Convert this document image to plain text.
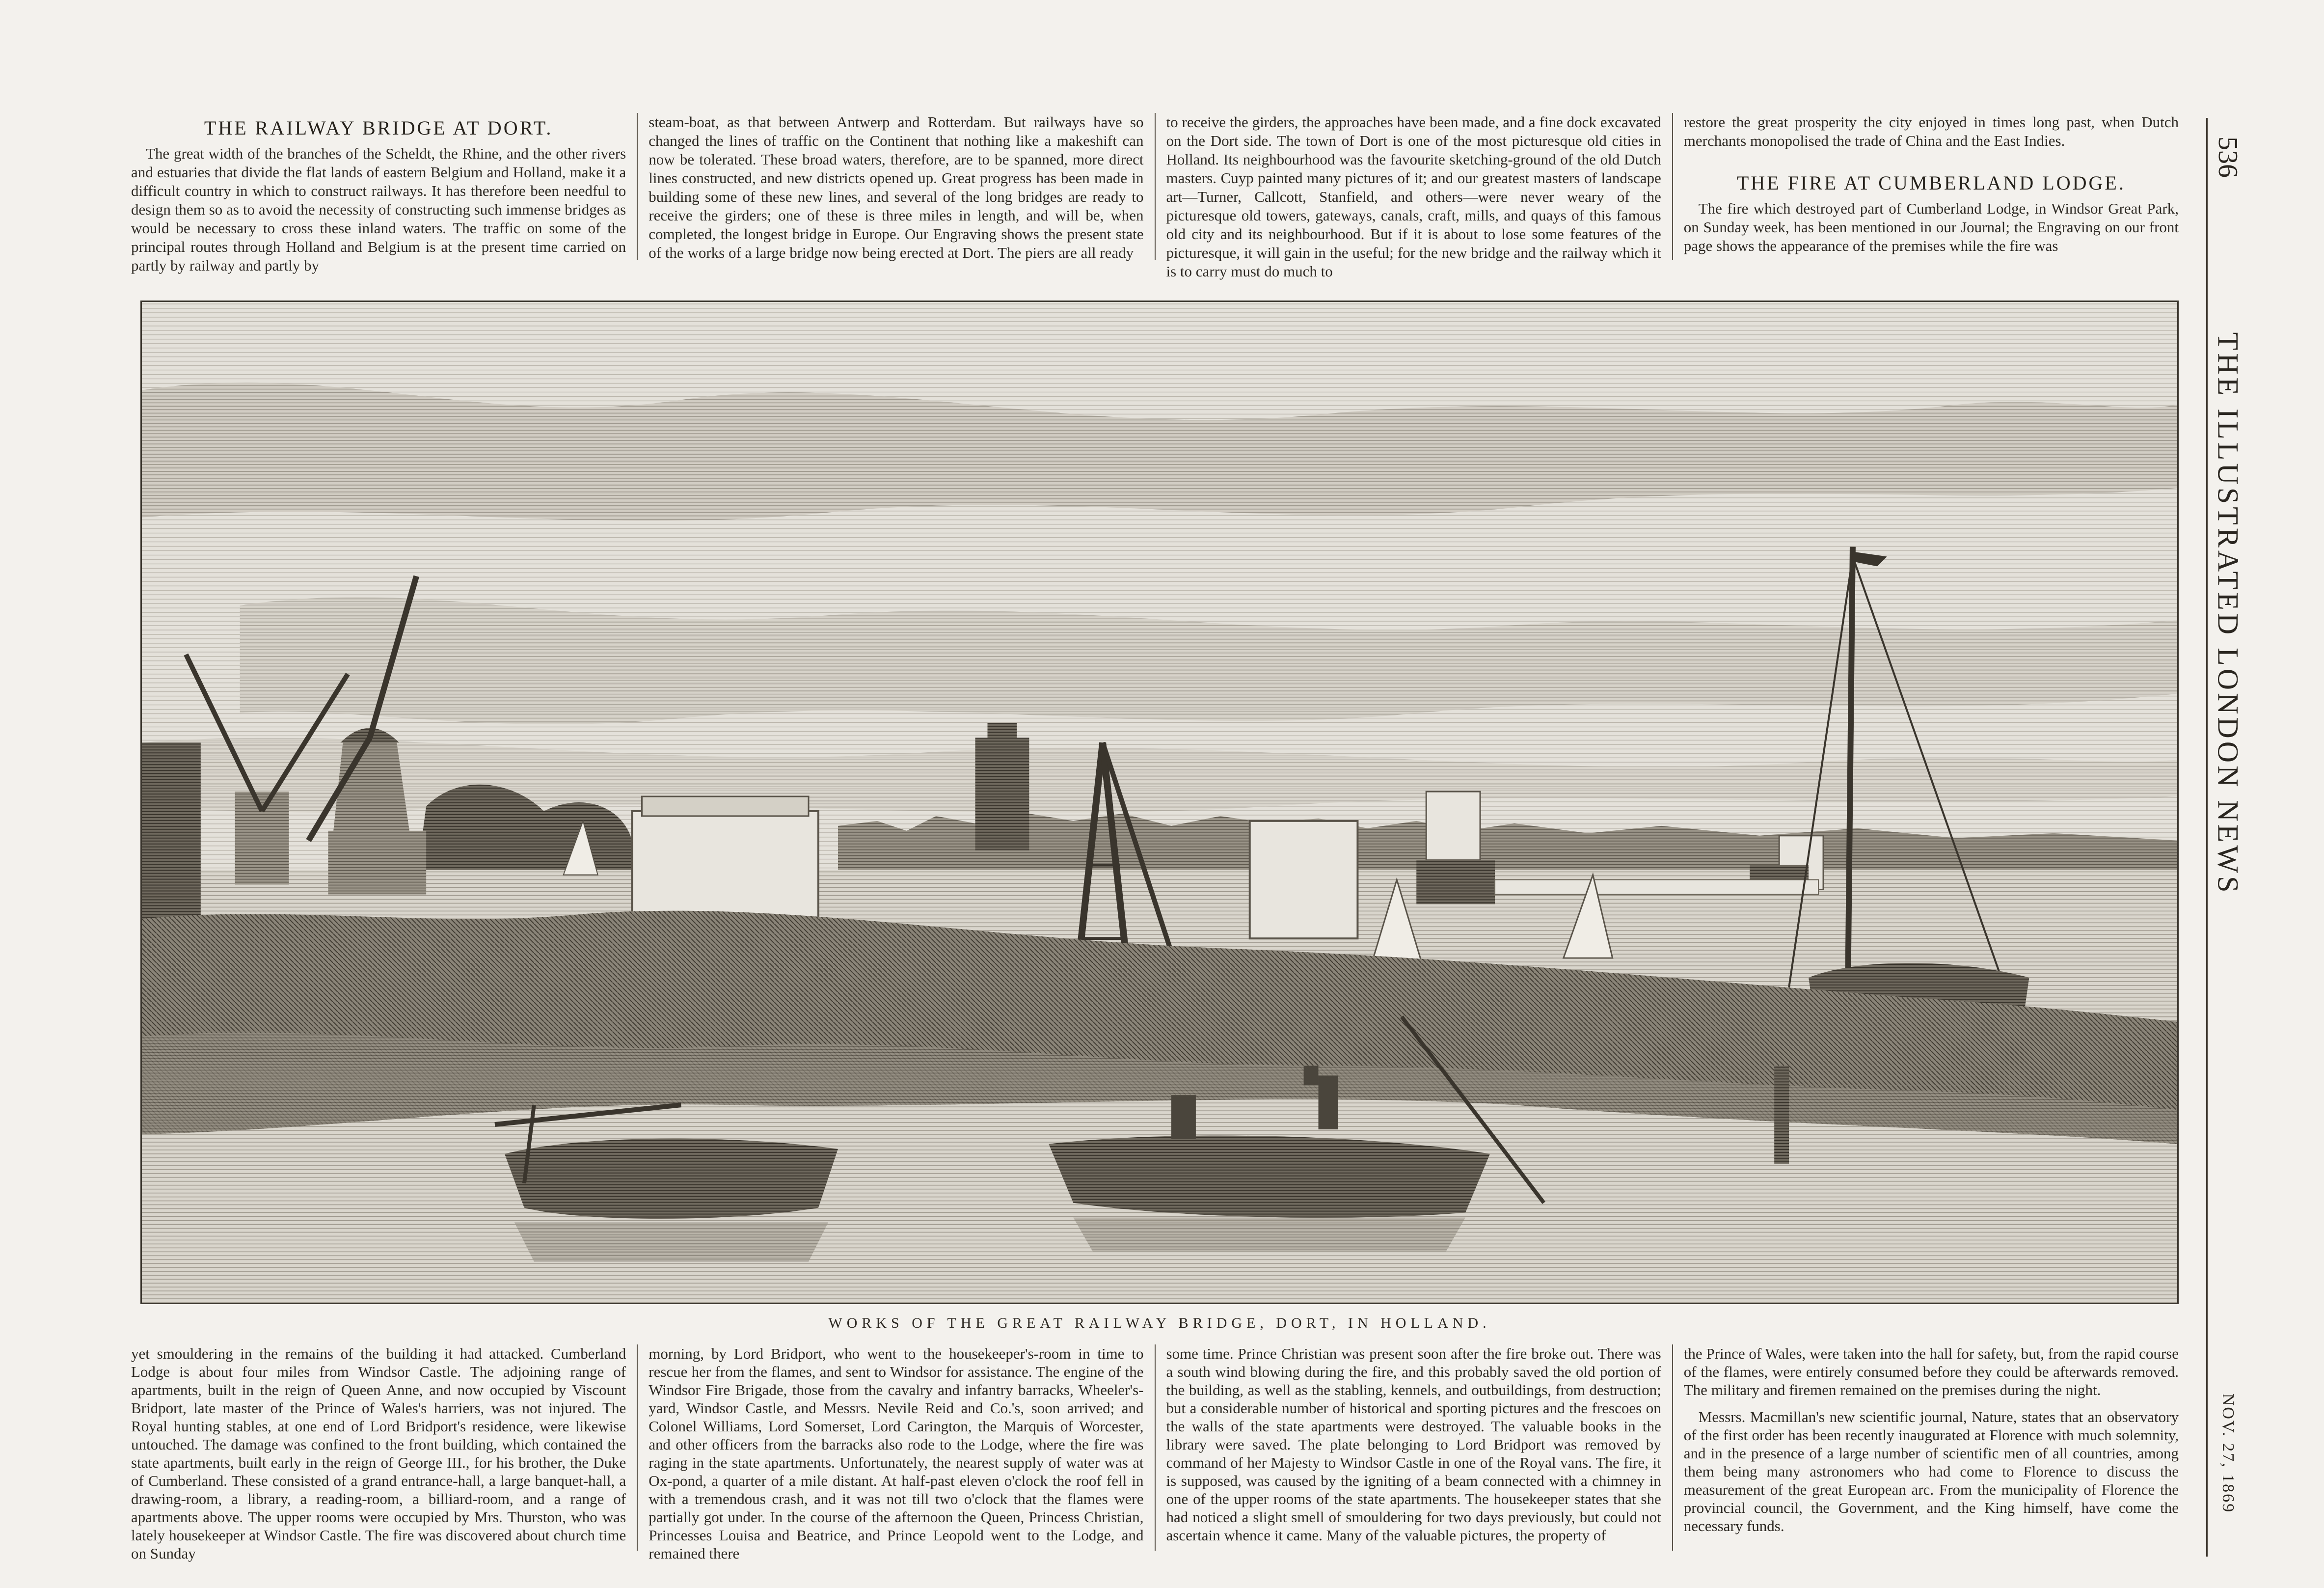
THE RAILWAY BRIDGE AT DORT.

The great width of the branches of the Scheldt, the Rhine, and the other rivers and estuaries that divide the flat lands of eastern Belgium and Holland, make it a difficult country in which to construct railways. It has therefore been needful to design them so as to avoid the necessity of constructing such immense bridges as would be necessary to cross these inland waters. The traffic on some of the principal routes through Holland and Belgium is at the present time carried on partly by railway and partly by

steam-boat, as that between Antwerp and Rotterdam. But railways have so changed the lines of traffic on the Continent that nothing like a makeshift can now be tolerated. These broad waters, therefore, are to be spanned, more direct lines constructed, and new districts opened up. Great progress has been made in building some of these new lines, and several of the long bridges are ready to receive the girders; one of these is three miles in length, and will be, when completed, the longest bridge in Europe. Our Engraving shows the present state of the works of a large bridge now being erected at Dort. The piers are all ready

to receive the girders, the approaches have been made, and a fine dock excavated on the Dort side. The town of Dort is one of the most picturesque old cities in Holland. Its neighbourhood was the favourite sketching-ground of the old Dutch masters. Cuyp painted many pictures of it; and our greatest masters of landscape art—Turner, Callcott, Stanfield, and others—were never weary of the picturesque old towers, gateways, canals, craft, mills, and quays of this famous old city and its neighbourhood. But if it is about to lose some features of the picturesque, it will gain in the useful; for the new bridge and the railway which it is to carry must do much to

restore the great prosperity the city enjoyed in times long past, when Dutch merchants monopolised the trade of China and the East Indies.

THE FIRE AT CUMBERLAND LODGE.

The fire which destroyed part of Cumberland Lodge, in Windsor Great Park, on Sunday week, has been mentioned in our Journal; the Engraving on our front page shows the appearance of the premises while the fire was

WORKS OF THE GREAT RAILWAY BRIDGE, DORT, IN HOLLAND.

yet smouldering in the remains of the building it had attacked. Cumberland Lodge is about four miles from Windsor Castle. The adjoining range of apartments, built in the reign of Queen Anne, and now occupied by Viscount Bridport, late master of the Prince of Wales's harriers, was not injured. The Royal hunting stables, at one end of Lord Bridport's residence, were likewise untouched. The damage was confined to the front building, which contained the state apartments, built early in the reign of George III., for his brother, the Duke of Cumberland. These consisted of a grand entrance-hall, a large banquet-hall, a drawing-room, a library, a reading-room, a billiard-room, and a range of apartments above. The upper rooms were occupied by Mrs. Thurston, who was lately housekeeper at Windsor Castle. The fire was discovered about church time on Sunday

morning, by Lord Bridport, who went to the housekeeper's-room in time to rescue her from the flames, and sent to Windsor for assistance. The engine of the Windsor Fire Brigade, those from the cavalry and infantry barracks, Wheeler's-yard, Windsor Castle, and Messrs. Nevile Reid and Co.'s, soon arrived; and Colonel Williams, Lord Somerset, Lord Carington, the Marquis of Worcester, and other officers from the barracks also rode to the Lodge, where the fire was raging in the state apartments. Unfortunately, the nearest supply of water was at Ox-pond, a quarter of a mile distant. At half-past eleven o'clock the roof fell in with a tremendous crash, and it was not till two o'clock that the flames were partially got under. In the course of the afternoon the Queen, Princess Christian, Princesses Louisa and Beatrice, and Prince Leopold went to the Lodge, and remained there

some time. Prince Christian was present soon after the fire broke out. There was a south wind blowing during the fire, and this probably saved the old portion of the building, as well as the stabling, kennels, and outbuildings, from destruction; but a considerable number of historical and sporting pictures and the frescoes on the walls of the state apartments were destroyed. The valuable books in the library were saved. The plate belonging to Lord Bridport was removed by command of her Majesty to Windsor Castle in one of the Royal vans. The fire, it is supposed, was caused by the igniting of a beam connected with a chimney in one of the upper rooms of the state apartments. The housekeeper states that she had noticed a slight smell of smouldering for two days previously, but could not ascertain whence it came. Many of the valuable pictures, the property of

the Prince of Wales, were taken into the hall for safety, but, from the rapid course of the flames, were entirely consumed before they could be afterwards removed. The military and firemen remained on the premises during the night.

Messrs. Macmillan's new scientific journal, Nature, states that an observatory of the first order has been recently inaugurated at Florence with much solemnity, and in the presence of a large number of scientific men of all countries, among them being many astronomers who had come to Florence to discuss the measurement of the great European arc. From the municipality of Florence the provincial council, the Government, and the King himself, have come the necessary funds.

536
THE ILLUSTRATED LONDON NEWS
NOV. 27, 1869
